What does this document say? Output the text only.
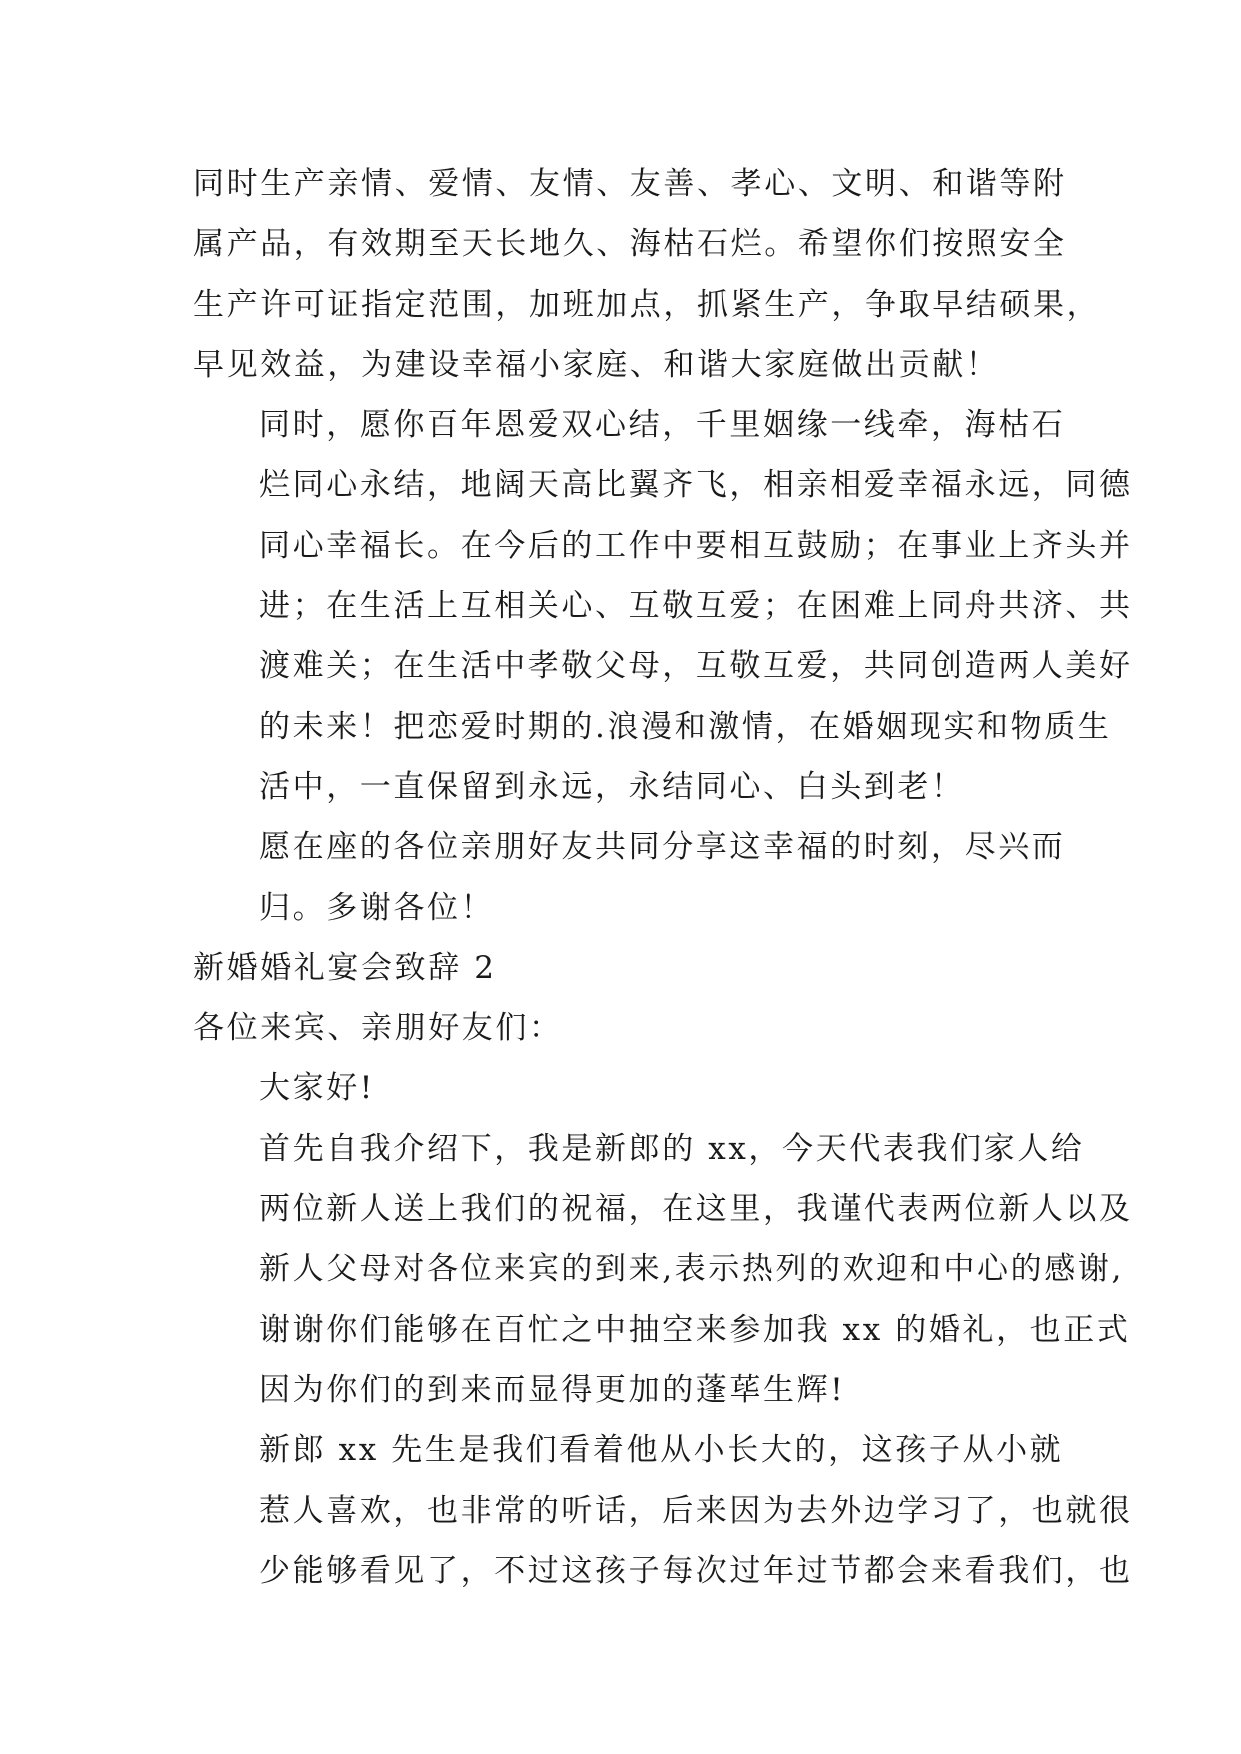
同时生产亲情、爱情、友情、友善、孝心、文明、和谐等附
属产品，有效期至天长地久、海枯石烂。希望你们按照安全
生产许可证指定范围，加班加点，抓紧生产，争取早结硕果，
早见效益，为建设幸福小家庭、和谐大家庭做出贡献！
同时，愿你百年恩爱双心结，千里姻缘一线牵，海枯石
烂同心永结，地阔天高比翼齐飞，相亲相爱幸福永远，同德
同心幸福长。在今后的工作中要相互鼓励；在事业上齐头并
进；在生活上互相关心、互敬互爱；在困难上同舟共济、共
渡难关；在生活中孝敬父母，互敬互爱，共同创造两人美好
的未来！把恋爱时期的.浪漫和激情，在婚姻现实和物质生
活中，一直保留到永远，永结同心、白头到老！
愿在座的各位亲朋好友共同分享这幸福的时刻，尽兴而
归。多谢各位！
新婚婚礼宴会致辞 2
各位来宾、亲朋好友们：
大家好!
首先自我介绍下，我是新郎的 xx，今天代表我们家人给
两位新人送上我们的祝福，在这里，我谨代表两位新人以及
新人父母对各位来宾的到来,表示热列的欢迎和中心的感谢,
谢谢你们能够在百忙之中抽空来参加我 xx 的婚礼，也正式
因为你们的到来而显得更加的蓬荜生辉!
新郎 xx 先生是我们看着他从小长大的，这孩子从小就
惹人喜欢，也非常的听话，后来因为去外边学习了，也就很
少能够看见了，不过这孩子每次过年过节都会来看我们，也
